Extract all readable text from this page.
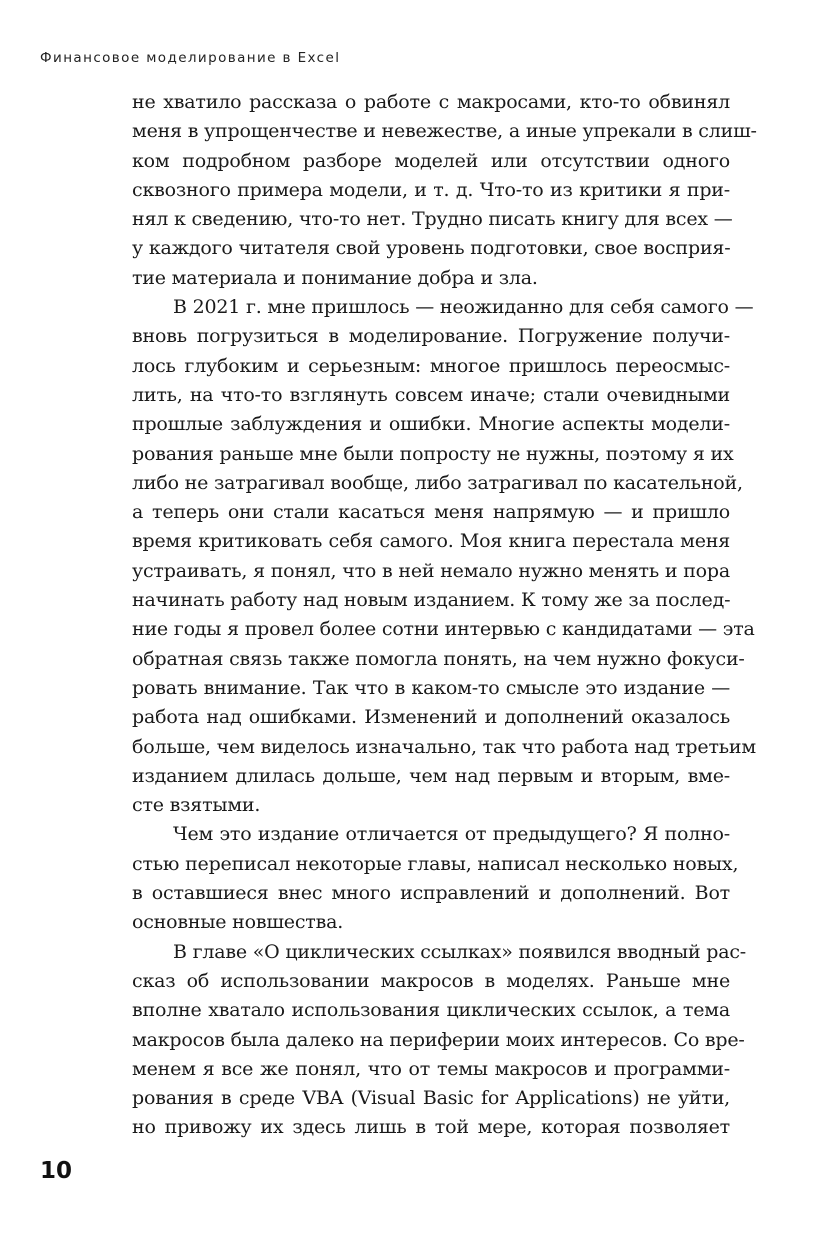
Финансовое моделирование в Excel
не хватило рассказа о работе с макросами, кто-то обвинял
меня в упрощенчестве и невежестве, а иные упрекали в слиш-
ком подробном разборе моделей или отсутствии одного
сквозного примера модели, и т. д. Что-то из критики я при-
нял к сведению, что-то нет. Трудно писать книгу для всех —
у каждого читателя свой уровень подготовки, свое восприя-
тие материала и понимание добра и зла.
В 2021 г. мне пришлось — неожиданно для себя самого —
вновь погрузиться в моделирование. Погружение получи-
лось глубоким и серьезным: многое пришлось переосмыс-
лить, на что-то взглянуть совсем иначе; стали очевидными
прошлые заблуждения и ошибки. Многие аспекты модели-
рования раньше мне были попросту не нужны, поэтому я их
либо не затрагивал вообще, либо затрагивал по касательной,
а теперь они стали касаться меня напрямую — и пришло
время критиковать себя самого. Моя книга перестала меня
устраивать, я понял, что в ней немало нужно менять и пора
начинать работу над новым изданием. К тому же за послед-
ние годы я провел более сотни интервью с кандидатами — эта
обратная связь также помогла понять, на чем нужно фокуси-
ровать внимание. Так что в каком-то смысле это издание —
работа над ошибками. Изменений и дополнений оказалось
больше, чем виделось изначально, так что работа над третьим
изданием длилась дольше, чем над первым и вторым, вме-
сте взятыми.
Чем это издание отличается от предыдущего? Я полно-
стью переписал некоторые главы, написал несколько новых,
в оставшиеся внес много исправлений и дополнений. Вот
основные новшества.
В главе «О циклических ссылках» появился вводный рас-
сказ об использовании макросов в моделях. Раньше мне
вполне хватало использования циклических ссылок, а тема
макросов была далеко на периферии моих интересов. Со вре-
менем я все же понял, что от темы макросов и программи-
рования в среде VBA (Visual Basic for Applications) не уйти,
но привожу их здесь лишь в той мере, которая позволяет
10
